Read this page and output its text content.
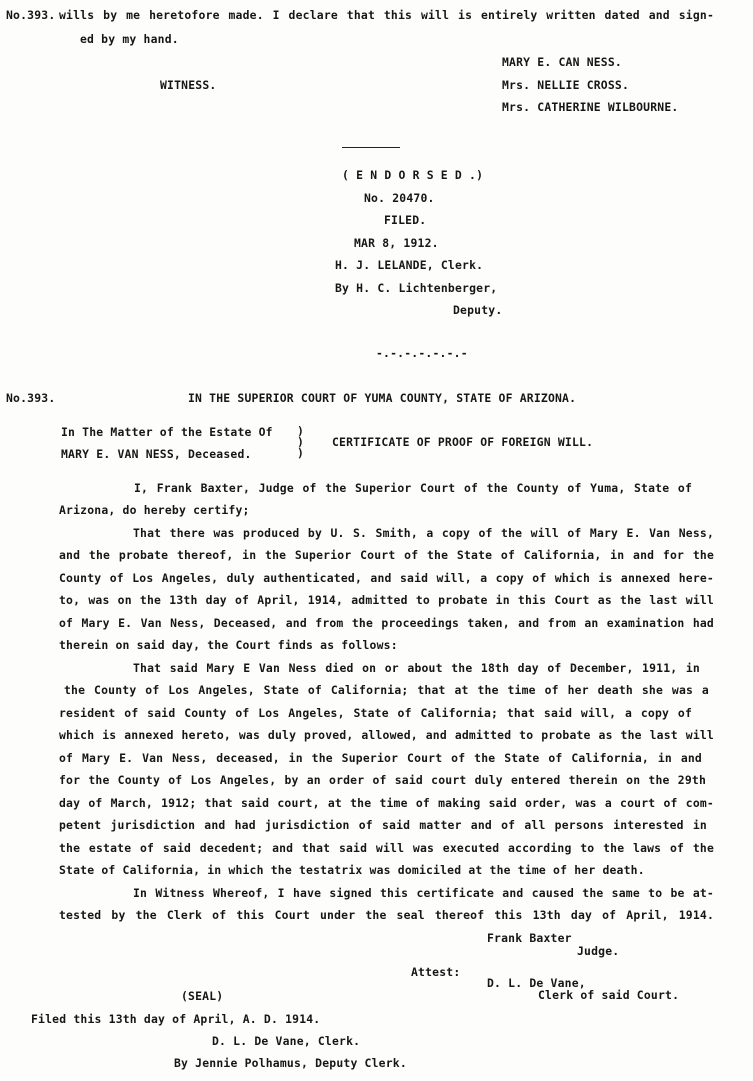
No.393. wills by me heretofore made. I declare that this will is entirely written dated and sign-
ed by my hand.
MARY E. CAN NESS.
WITNESS.	Mrs. NELLIE CROSS.
Mrs. CATHERINE WILBOURNE.
( E N D O R S E D .)
No. 20470.
FILED.
MAR 8, 1912.
H. J. LELANDE, Clerk.
By H. C. Lichtenberger,
Deputy.
-.-.-.-.-.-.-
No.393.	IN THE SUPERIOR COURT OF YUMA COUNTY, STATE OF ARIZONA.
In The Matter of the Estate Of
MARY E. VAN NESS, Deceased.
)
)
)
CERTIFICATE OF PROOF OF FOREIGN WILL.
I, Frank Baxter, Judge of the Superior Court of the County of Yuma, State of
Arizona, do hereby certify;
That there was produced by U. S. Smith, a copy of the will of Mary E. Van Ness,
and the probate thereof, in the Superior Court of the State of California, in and for the
County of Los Angeles, duly authenticated, and said will, a copy of which is annexed here-
to, was on the 13th day of April, 1914, admitted to probate in this Court as the last will
of Mary E. Van Ness, Deceased, and from the proceedings taken, and from an examination had
therein on said day, the Court finds as follows:
That said Mary E Van Ness died on or about the 18th day of December, 1911, in
the County of Los Angeles, State of California; that at the time of her death she was a
resident of said County of Los Angeles, State of California; that said will, a copy of
which is annexed hereto, was duly proved, allowed, and admitted to probate as the last will
of Mary E. Van Ness, deceased, in the Superior Court of the State of California, in and
for the County of Los Angeles, by an order of said court duly entered therein on the 29th
day of March, 1912; that said court, at the time of making said order, was a court of com-
petent jurisdiction and had jurisdiction of said matter and of all persons interested in
the estate of said decedent; and that said will was executed according to the laws of the
State of California, in which the testatrix was domiciled at the time of her death.
In Witness Whereof, I have signed this certificate and caused the same to be at-
tested by the Clerk of this Court under the seal thereof this 13th day of April, 1914.
Frank Baxter
Judge.
Attest:
D. L. De Vane,
Clerk of said Court.
(SEAL)
Filed this 13th day of April, A. D. 1914.
D. L. De Vane, Clerk.
By Jennie Polhamus, Deputy Clerk.
